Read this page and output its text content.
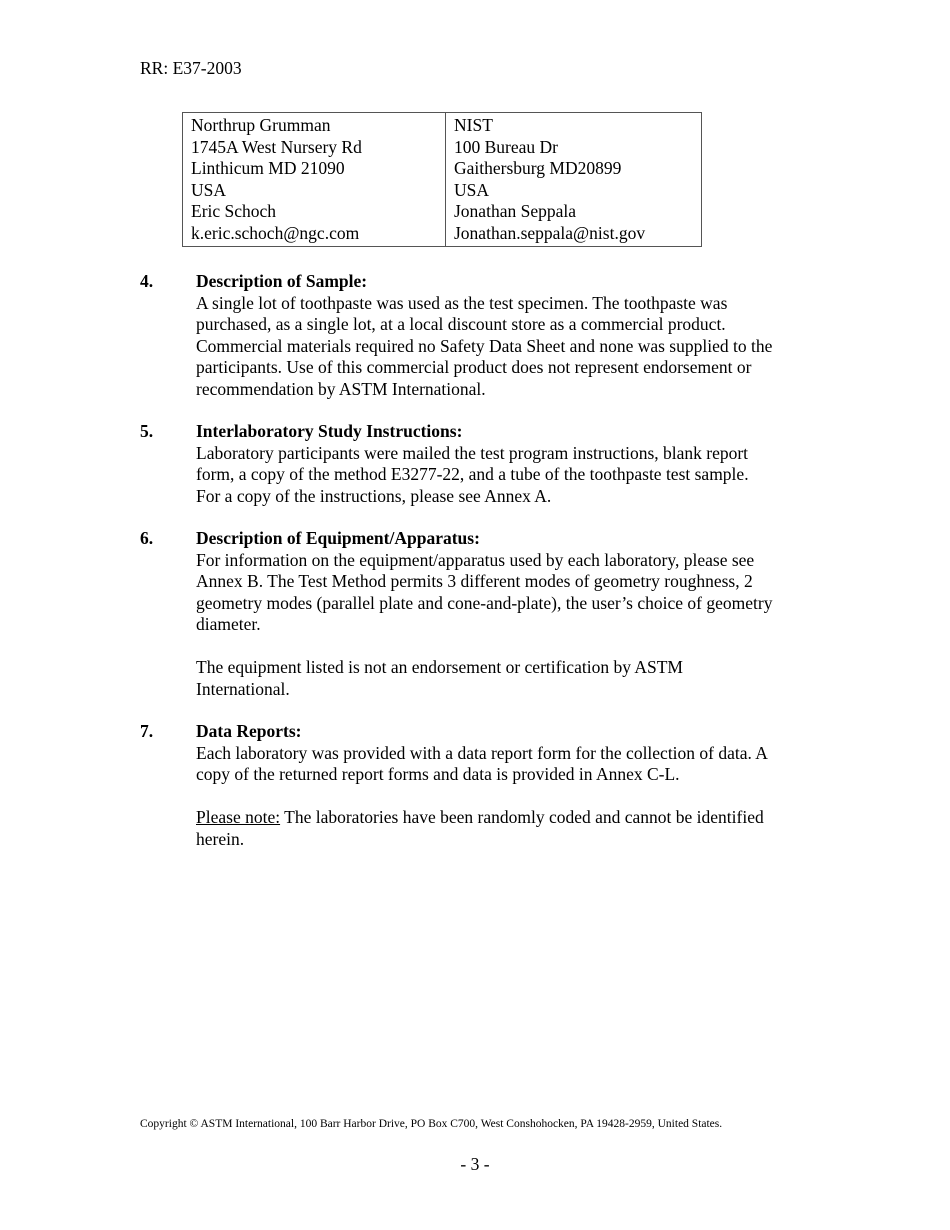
RR: E37-2003
Northrup Grumman
1745A West Nursery Rd
Linthicum MD 21090
USA
Eric Schoch
k.eric.schoch@ngc.com

NIST
100 Bureau Dr
Gaithersburg MD20899
USA
Jonathan Seppala
Jonathan.seppala@nist.gov
4. Description of Sample:
A single lot of toothpaste was used as the test specimen. The toothpaste was
purchased, as a single lot, at a local discount store as a commercial product.
Commercial materials required no Safety Data Sheet and none was supplied to the
participants. Use of this commercial product does not represent endorsement or
recommendation by ASTM International.
5. Interlaboratory Study Instructions:
Laboratory participants were mailed the test program instructions, blank report
form, a copy of the method E3277-22, and a tube of the toothpaste test sample.
For a copy of the instructions, please see Annex A.
6. Description of Equipment/Apparatus:
For information on the equipment/apparatus used by each laboratory, please see
Annex B. The Test Method permits 3 different modes of geometry roughness, 2
geometry modes (parallel plate and cone-and-plate), the user’s choice of geometry
diameter.
The equipment listed is not an endorsement or certification by ASTM
International.
7. Data Reports:
Each laboratory was provided with a data report form for the collection of data. A
copy of the returned report forms and data is provided in Annex C-L.
Please note: The laboratories have been randomly coded and cannot be identified
herein.
Copyright © ASTM International, 100 Barr Harbor Drive, PO Box C700, West Conshohocken, PA 19428-2959, United States.
- 3 -
